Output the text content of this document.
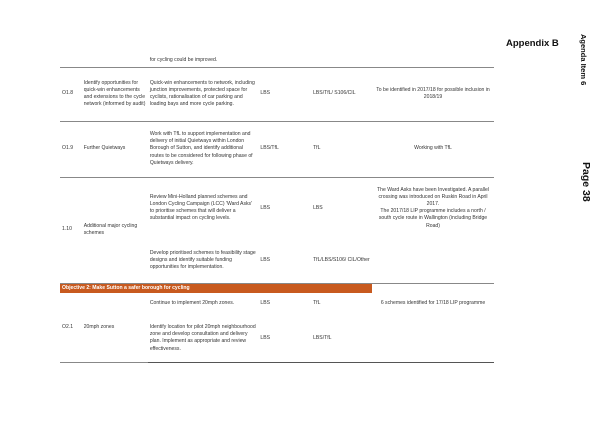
Appendix B	Agenda Item 6
Page 38
		for cycling could be improved.			
O1.8	Identify opportunities for quick-win enhancements and extensions to the cycle network (informed by audit)	Quick-win enhancements to network, including junction improvements, protected space for cyclists, rationalisation of car parking and loading bays and more cycle parking.	LBS	LBS/TfL/ S106/CIL	To be identified in 2017/18 for possible inclusion in 2018/19
O1.9	Further Quietways	Work with TfL to support implementation and delivery of initial Quietways within London Borough of Sutton, and identify additional routes to be considered for following phase of Quietways delivery.	LBS/TfL	TfL	Working with TfL
1.10	Additional major cycling schemes	Review Mini-Holland planned schemes and London Cycling Campaign (LCC) 'Ward Asks' to prioritise schemes that will deliver a substantial impact on cycling levels.	LBS	LBS	The Ward Asks have been Investigated. A parallel crossing was introduced on Ruskin Road in April 2017.
The 2017/18 LIP programme includes a north / south cycle route in Wallington (including Bridge Road)

		Develop prioritised schemes to feasibility stage designs and identify suitable funding opportunities for implementation.	LBS	TfL/LBS/S106/ CIL/Other	
Objective 2: Make Sutton a safer borough for cycling					
O2.1	20mph zones	Continue to implement 20mph zones.	LBS	TfL	6 schemes identified for 17/18 LIP programme
		Identify location for pilot 20mph neighbourhood zone and develop consultation and delivery plan. Implement as appropriate and review effectiveness.	LBS	LBS/TfL	
